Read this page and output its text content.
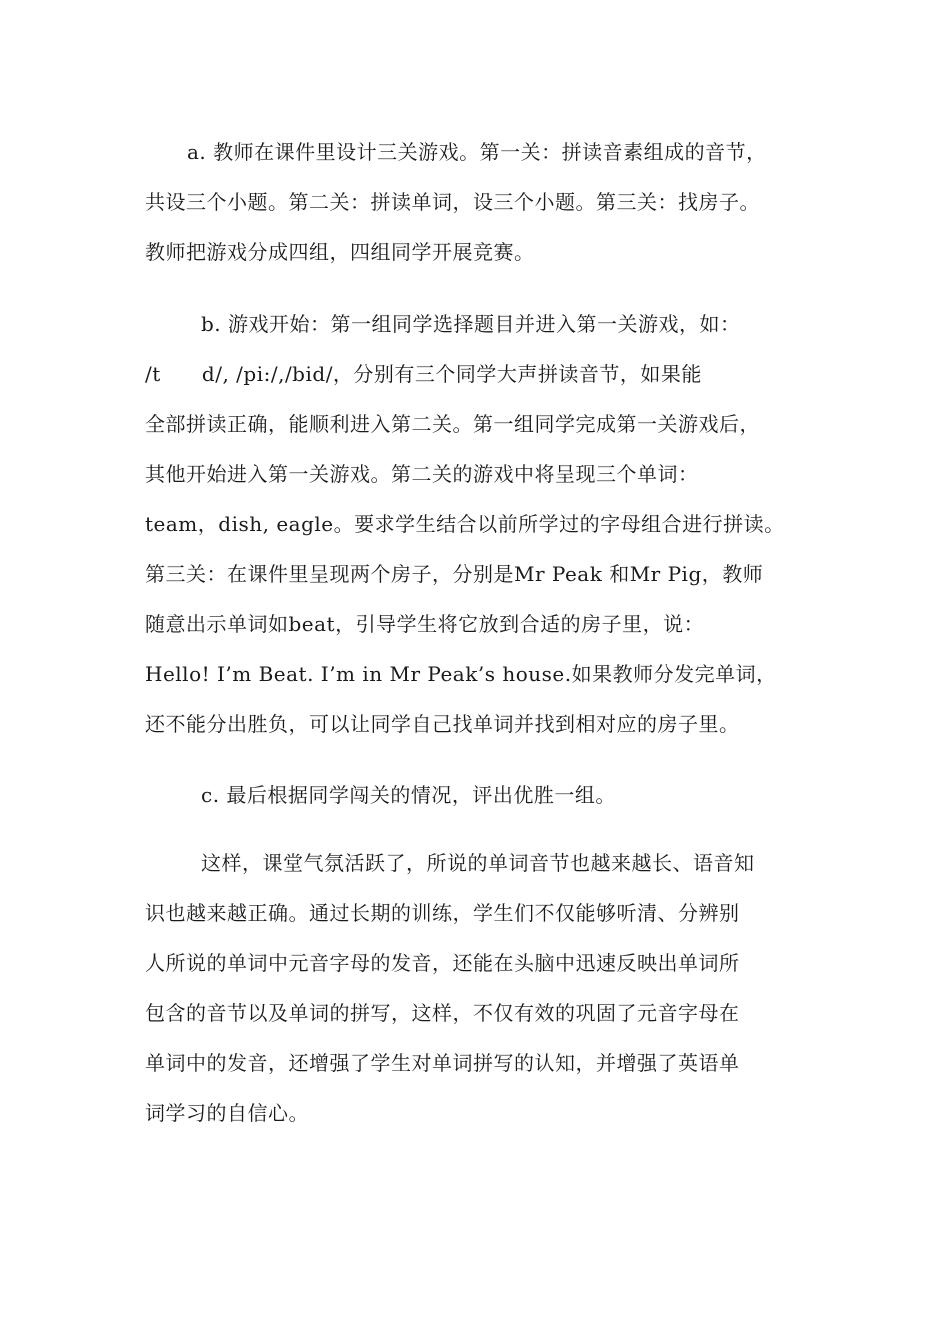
a. 教师在课件里设计三关游戏。第一关：拼读音素组成的音节，
共设三个小题。第二关：拼读单词，设三个小题。第三关：找房子。
教师把游戏分成四组，四组同学开展竞赛。
b. 游戏开始：第一组同学选择题目并进入第一关游戏，如：
/t      d/, /pi:/,/bid/，分别有三个同学大声拼读音节，如果能
全部拼读正确，能顺利进入第二关。第一组同学完成第一关游戏后，
其他开始进入第一关游戏。第二关的游戏中将呈现三个单词：
team，dish, eagle。要求学生结合以前所学过的字母组合进行拼读。
第三关：在课件里呈现两个房子，分别是Mr Peak 和Mr Pig，教师
随意出示单词如beat，引导学生将它放到合适的房子里，说：
Hello! I’m Beat. I’m in Mr Peak’s house.如果教师分发完单词，
还不能分出胜负，可以让同学自己找单词并找到相对应的房子里。
c. 最后根据同学闯关的情况，评出优胜一组。
这样，课堂气氛活跃了，所说的单词音节也越来越长、语音知
识也越来越正确。通过长期的训练，学生们不仅能够听清、分辨别
人所说的单词中元音字母的发音，还能在头脑中迅速反映出单词所
包含的音节以及单词的拼写，这样，不仅有效的巩固了元音字母在
单词中的发音，还增强了学生对单词拼写的认知，并增强了英语单
词学习的自信心。
